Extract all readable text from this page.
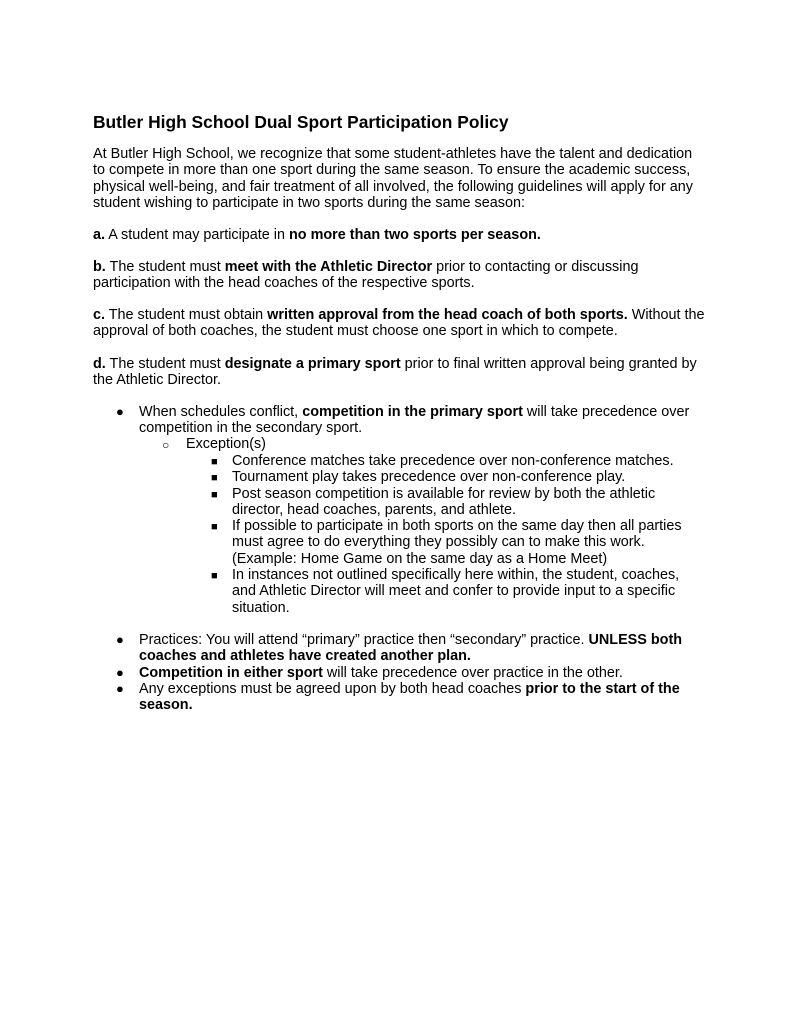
Butler High School Dual Sport Participation Policy
At Butler High School, we recognize that some student-athletes have the talent and dedication
to compete in more than one sport during the same season. To ensure the academic success,
physical well-being, and fair treatment of all involved, the following guidelines will apply for any
student wishing to participate in two sports during the same season:
a. A student may participate in no more than two sports per season.
b. The student must meet with the Athletic Director prior to contacting or discussing
participation with the head coaches of the respective sports.
c. The student must obtain written approval from the head coach of both sports. Without the
approval of both coaches, the student must choose one sport in which to compete.
d. The student must designate a primary sport prior to final written approval being granted by
the Athletic Director.
● When schedules conflict, competition in the primary sport will take precedence over
competition in the secondary sport.
○ Exception(s)
■ Conference matches take precedence over non-conference matches.
■ Tournament play takes precedence over non-conference play.
■ Post season competition is available for review by both the athletic
director, head coaches, parents, and athlete.
■ If possible to participate in both sports on the same day then all parties
must agree to do everything they possibly can to make this work.
(Example: Home Game on the same day as a Home Meet)
■ In instances not outlined specifically here within, the student, coaches,
and Athletic Director will meet and confer to provide input to a specific
situation.
● Practices: You will attend “primary” practice then “secondary” practice. UNLESS both
coaches and athletes have created another plan.
● Competition in either sport will take precedence over practice in the other.
● Any exceptions must be agreed upon by both head coaches prior to the start of the
season.
